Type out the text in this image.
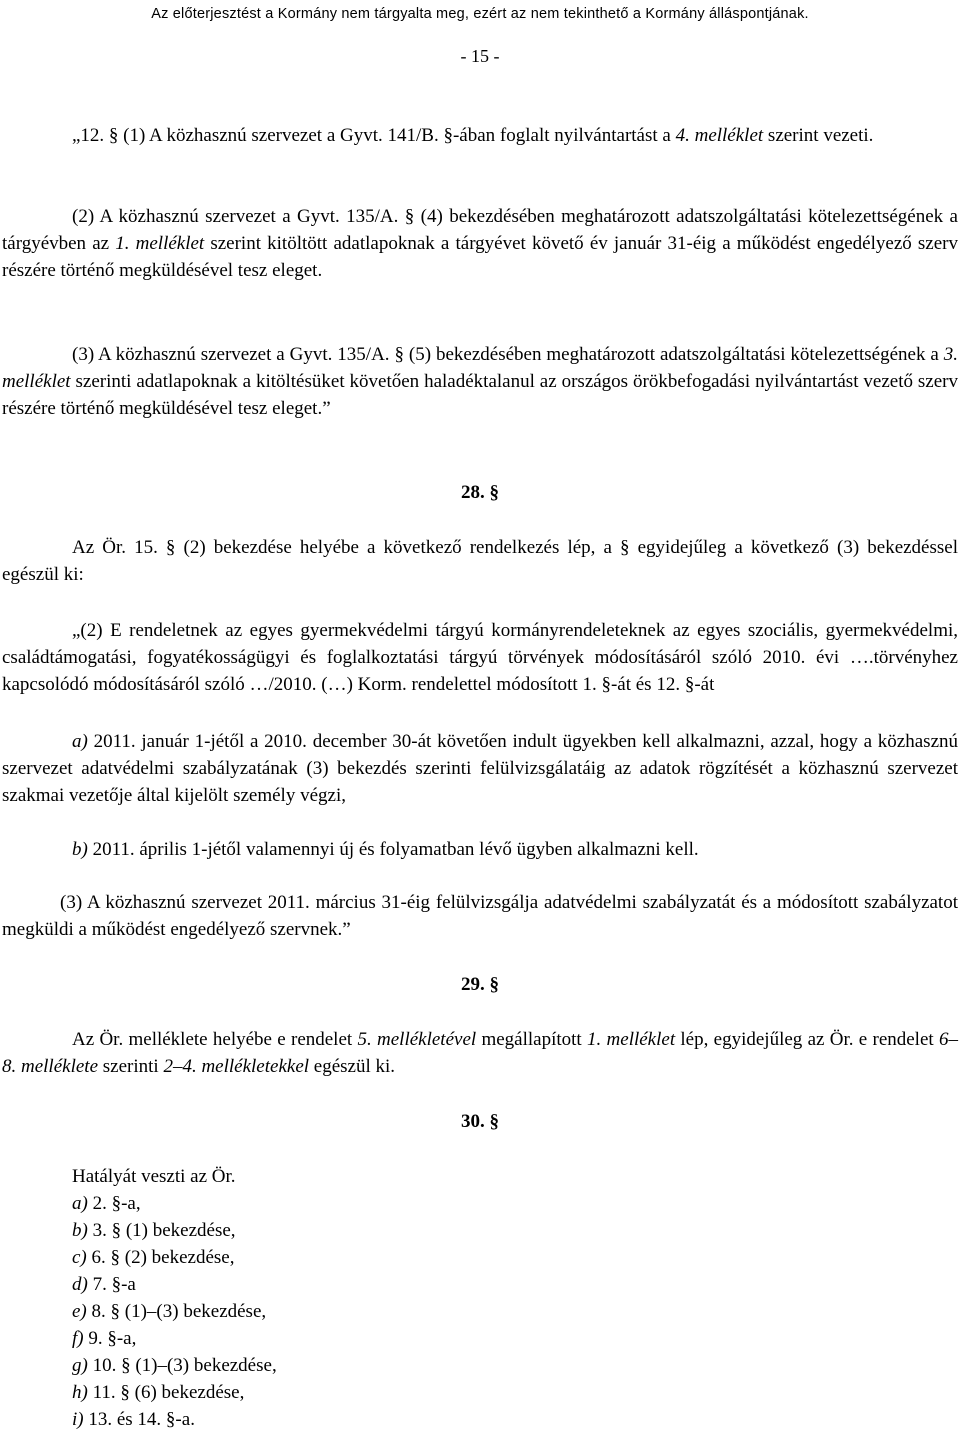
Az előterjesztést a Kormány nem tárgyalta meg, ezért az nem tekinthető a Kormány álláspontjának.
- 15 -
„12. § (1) A közhasznú szervezet a Gyvt. 141/B. §-ában foglalt nyilvántartást a 4. melléklet szerint vezeti.
(2) A közhasznú szervezet a Gyvt. 135/A. § (4) bekezdésében meghatározott adatszolgáltatási kötelezettségének a tárgyévben az 1. melléklet szerint kitöltött adatlapoknak a tárgyévet követő év január 31-éig a működést engedélyező szerv részére történő megküldésével tesz eleget.
(3) A közhasznú szervezet a Gyvt. 135/A. § (5) bekezdésében meghatározott adatszolgáltatási kötelezettségének a 3. melléklet szerinti adatlapoknak a kitöltésüket követően haladéktalanul az országos örökbefogadási nyilvántartást vezető szerv részére történő megküldésével tesz eleget.”
28. §
Az Ör. 15. § (2) bekezdése helyébe a következő rendelkezés lép, a § egyidejűleg a következő (3) bekezdéssel egészül ki:
„(2) E rendeletnek az egyes gyermekvédelmi tárgyú kormányrendeleteknek az egyes szociális, gyermekvédelmi, családtámogatási, fogyatékosságügyi és foglalkoztatási tárgyú törvények módosításáról szóló 2010. évi ….törvényhez kapcsolódó módosításáról szóló …/2010. (…) Korm. rendelettel módosított 1. §-át és 12. §-át
a) 2011. január 1-jétől a 2010. december 30-át követően indult ügyekben kell alkalmazni, azzal, hogy a közhasznú szervezet adatvédelmi szabályzatának (3) bekezdés szerinti felülvizsgálatáig az adatok rögzítését a közhasznú szervezet szakmai vezetője által kijelölt személy végzi,
b) 2011. április 1-jétől valamennyi új és folyamatban lévő ügyben alkalmazni kell.
(3) A közhasznú szervezet 2011. március 31-éig felülvizsgálja adatvédelmi szabályzatát és a módosított szabályzatot megküldi a működést engedélyező szervnek.”
29. §
Az Ör. melléklete helyébe e rendelet 5. mellékletével megállapított 1. melléklet lép, egyidejűleg az Ör. e rendelet 6–8. melléklete szerinti 2–4. mellékletekkel egészül ki.
30. §
Hatályát veszti az Ör.
a) 2. §-a,
b) 3. § (1) bekezdése,
c) 6. § (2) bekezdése,
d) 7. §-a
e) 8. § (1)–(3) bekezdése,
f) 9. §-a,
g) 10. § (1)–(3) bekezdése,
h) 11. § (6) bekezdése,
i) 13. és 14. §-a.
